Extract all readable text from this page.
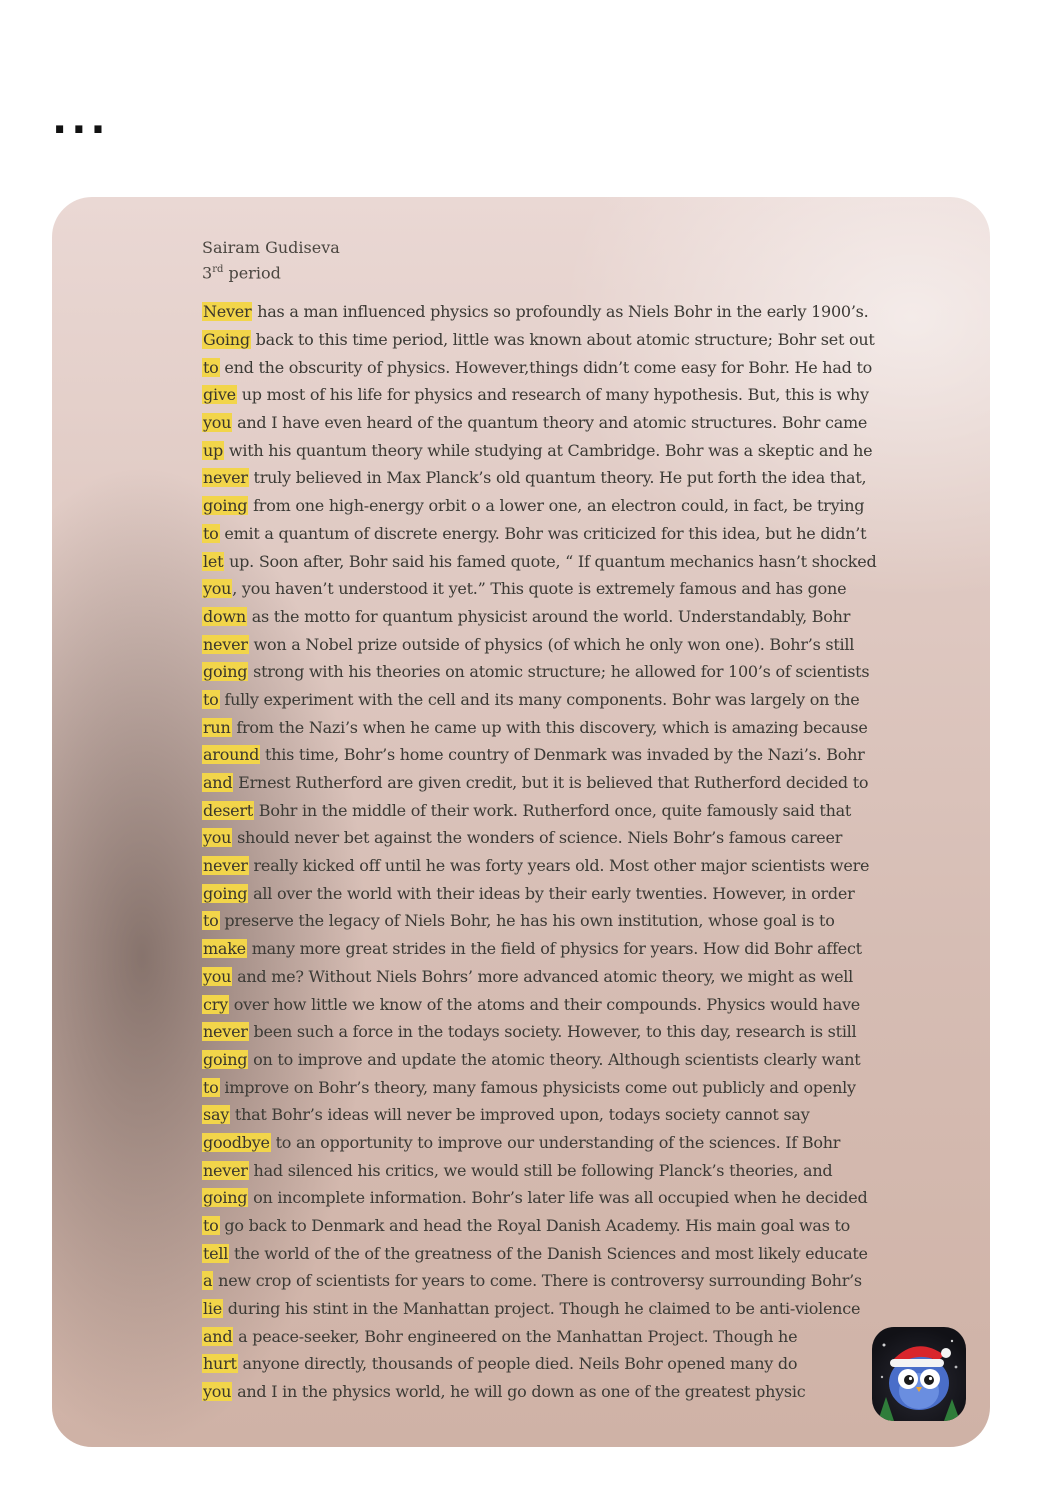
...
Sairam Gudiseva
3rd period
Never has a man influenced physics so profoundly as Niels Bohr in the early 1900’s.
Going back to this time period, little was known about atomic structure; Bohr set out
to end the obscurity of physics. However,things didn’t come easy for Bohr. He had to
give up most of his life for physics and research of many hypothesis. But, this is why
you and I have even heard of the quantum theory and atomic structures. Bohr came
up with his quantum theory while studying at Cambridge. Bohr was a skeptic and he
never truly believed in Max Planck’s old quantum theory. He put forth the idea that,
going from one high-energy orbit o a lower one, an electron could, in fact, be trying
to emit a quantum of discrete energy. Bohr was criticized for this idea, but he didn’t
let up. Soon after, Bohr said his famed quote, “ If quantum mechanics hasn’t shocked
you, you haven’t understood it yet.” This quote is extremely famous and has gone
down as the motto for quantum physicist around the world. Understandably, Bohr
never won a Nobel prize outside of physics (of which he only won one). Bohr’s still
going strong with his theories on atomic structure; he allowed for 100’s of scientists
to fully experiment with the cell and its many components. Bohr was largely on the
run from the Nazi’s when he came up with this discovery, which is amazing because
around this time, Bohr’s home country of Denmark was invaded by the Nazi’s. Bohr
and Ernest Rutherford are given credit, but it is believed that Rutherford decided to
desert Bohr in the middle of their work. Rutherford once, quite famously said that
you should never bet against the wonders of science. Niels Bohr’s famous career
never really kicked off until he was forty years old. Most other major scientists were
going all over the world with their ideas by their early twenties. However, in order
to preserve the legacy of Niels Bohr, he has his own institution, whose goal is to
make many more great strides in the field of physics for years. How did Bohr affect
you and me? Without Niels Bohrs’ more advanced atomic theory, we might as well
cry over how little we know of the atoms and their compounds. Physics would have
never been such a force in the todays society. However, to this day, research is still
going on to improve and update the atomic theory. Although scientists clearly want
to improve on Bohr’s theory, many famous physicists come out publicly and openly
say that Bohr’s ideas will never be improved upon, todays society cannot say
goodbye to an opportunity to improve our understanding of the sciences. If Bohr
never had silenced his critics, we would still be following Planck’s theories, and
going on incomplete information. Bohr’s later life was all occupied when he decided
to go back to Denmark and head the Royal Danish Academy. His main goal was to
tell the world of the of the greatness of the Danish Sciences and most likely educate
a new crop of scientists for years to come. There is controversy surrounding Bohr’s
lie during his stint in the Manhattan project. Though he claimed to be anti-violence
and a peace-seeker, Bohr engineered on the Manhattan Project. Though he
hurt anyone directly, thousands of people died. Neils Bohr opened many do
you and I in the physics world, he will go down as one of the greatest physic
